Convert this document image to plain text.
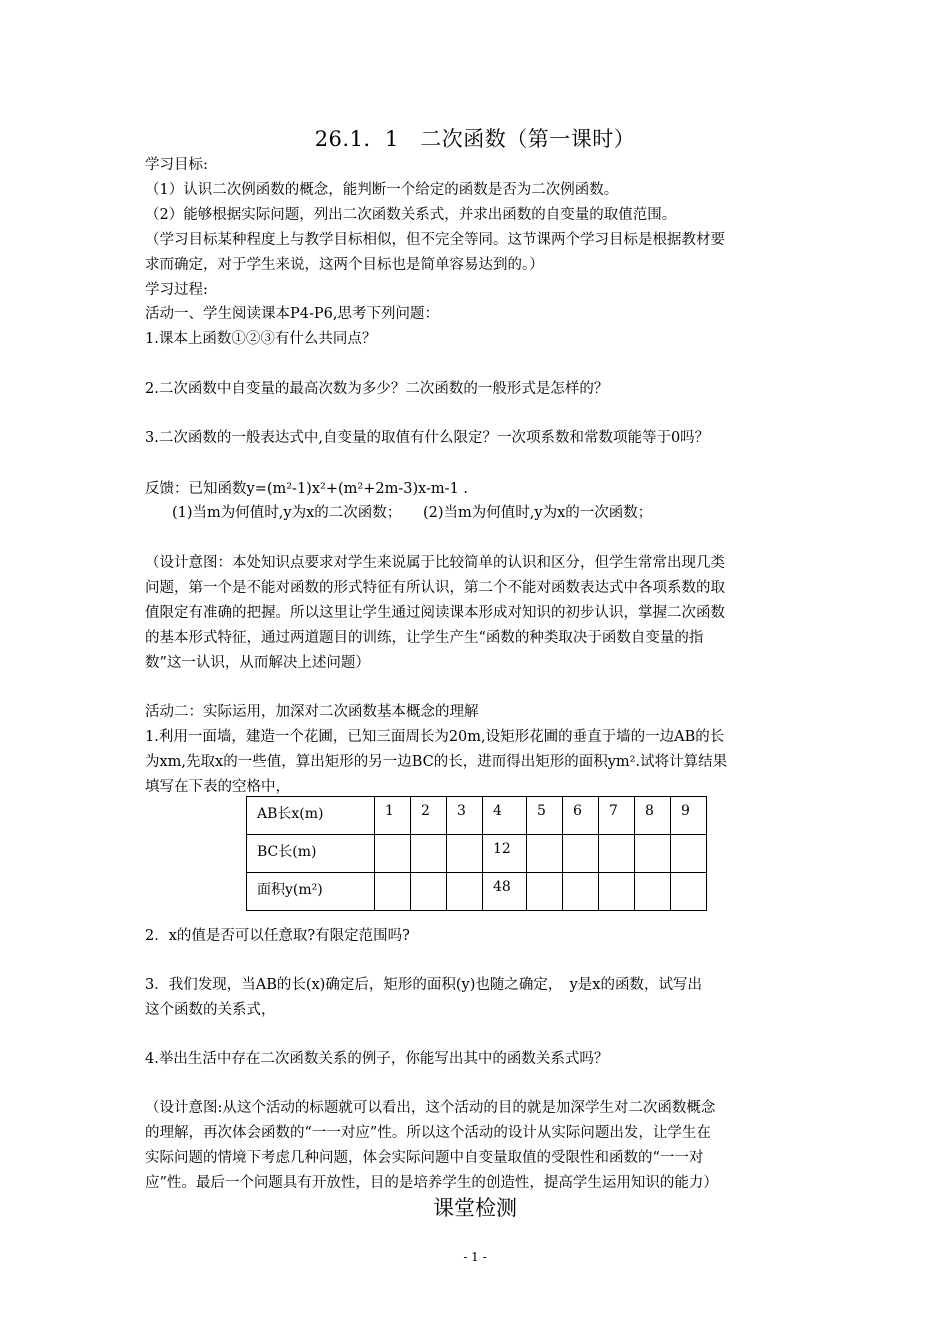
26.1．1　二次函数（第一课时）
学习目标:
（1）认识二次例函数的概念，能判断一个给定的函数是否为二次例函数。
（2）能够根据实际问题，列出二次函数关系式，并求出函数的自变量的取值范围。
（学习目标某种程度上与教学目标相似，但不完全等同。这节课两个学习目标是根据教材要
求而确定，对于学生来说，这两个目标也是简单容易达到的。）
学习过程:
活动一、学生阅读课本P4-P6,思考下列问题：
1.课本上函数①②③有什么共同点？
2.二次函数中自变量的最高次数为多少？二次函数的一般形式是怎样的？
3.二次函数的一般表达式中,自变量的取值有什么限定？一次项系数和常数项能等于0吗？
反馈：已知函数y=(m²-1)x²+(m²+2m-3)x-m-1 .
(1)当m为何值时,y为x的二次函数；　　(2)当m为何值时,y为x的一次函数；
（设计意图：本处知识点要求对学生来说属于比较简单的认识和区分，但学生常常出现几类
问题，第一个是不能对函数的形式特征有所认识，第二个不能对函数表达式中各项系数的取
值限定有准确的把握。所以这里让学生通过阅读课本形成对知识的初步认识，掌握二次函数
的基本形式特征，通过两道题目的训练，让学生产生“函数的种类取决于函数自变量的指
数”这一认识，从而解决上述问题）
活动二：实际运用，加深对二次函数基本概念的理解
1.利用一面墙，建造一个花圃，已知三面周长为20m,设矩形花圃的垂直于墙的一边AB的长
为xm,先取x的一些值，算出矩形的另一边BC的长，进而得出矩形的面积ym².试将计算结果
填写在下表的空格中，
AB长x(m)	1	2	3	4	5	6	7	8	9
BC长(m)				12					
面积y(m²)				48					
2．x的值是否可以任意取?有限定范围吗?
3．我们发现，当AB的长(x)确定后，矩形的面积(y)也随之确定，　y是x的函数，试写出
这个函数的关系式，
4.举出生活中存在二次函数关系的例子，你能写出其中的函数关系式吗？
（设计意图:从这个活动的标题就可以看出，这个活动的目的就是加深学生对二次函数概念
的理解，再次体会函数的“一一对应”性。所以这个活动的设计从实际问题出发，让学生在
实际问题的情境下考虑几种问题，体会实际问题中自变量取值的受限性和函数的“一一对
应”性。最后一个问题具有开放性，目的是培养学生的创造性，提高学生运用知识的能力）
课堂检测
- 1 -
